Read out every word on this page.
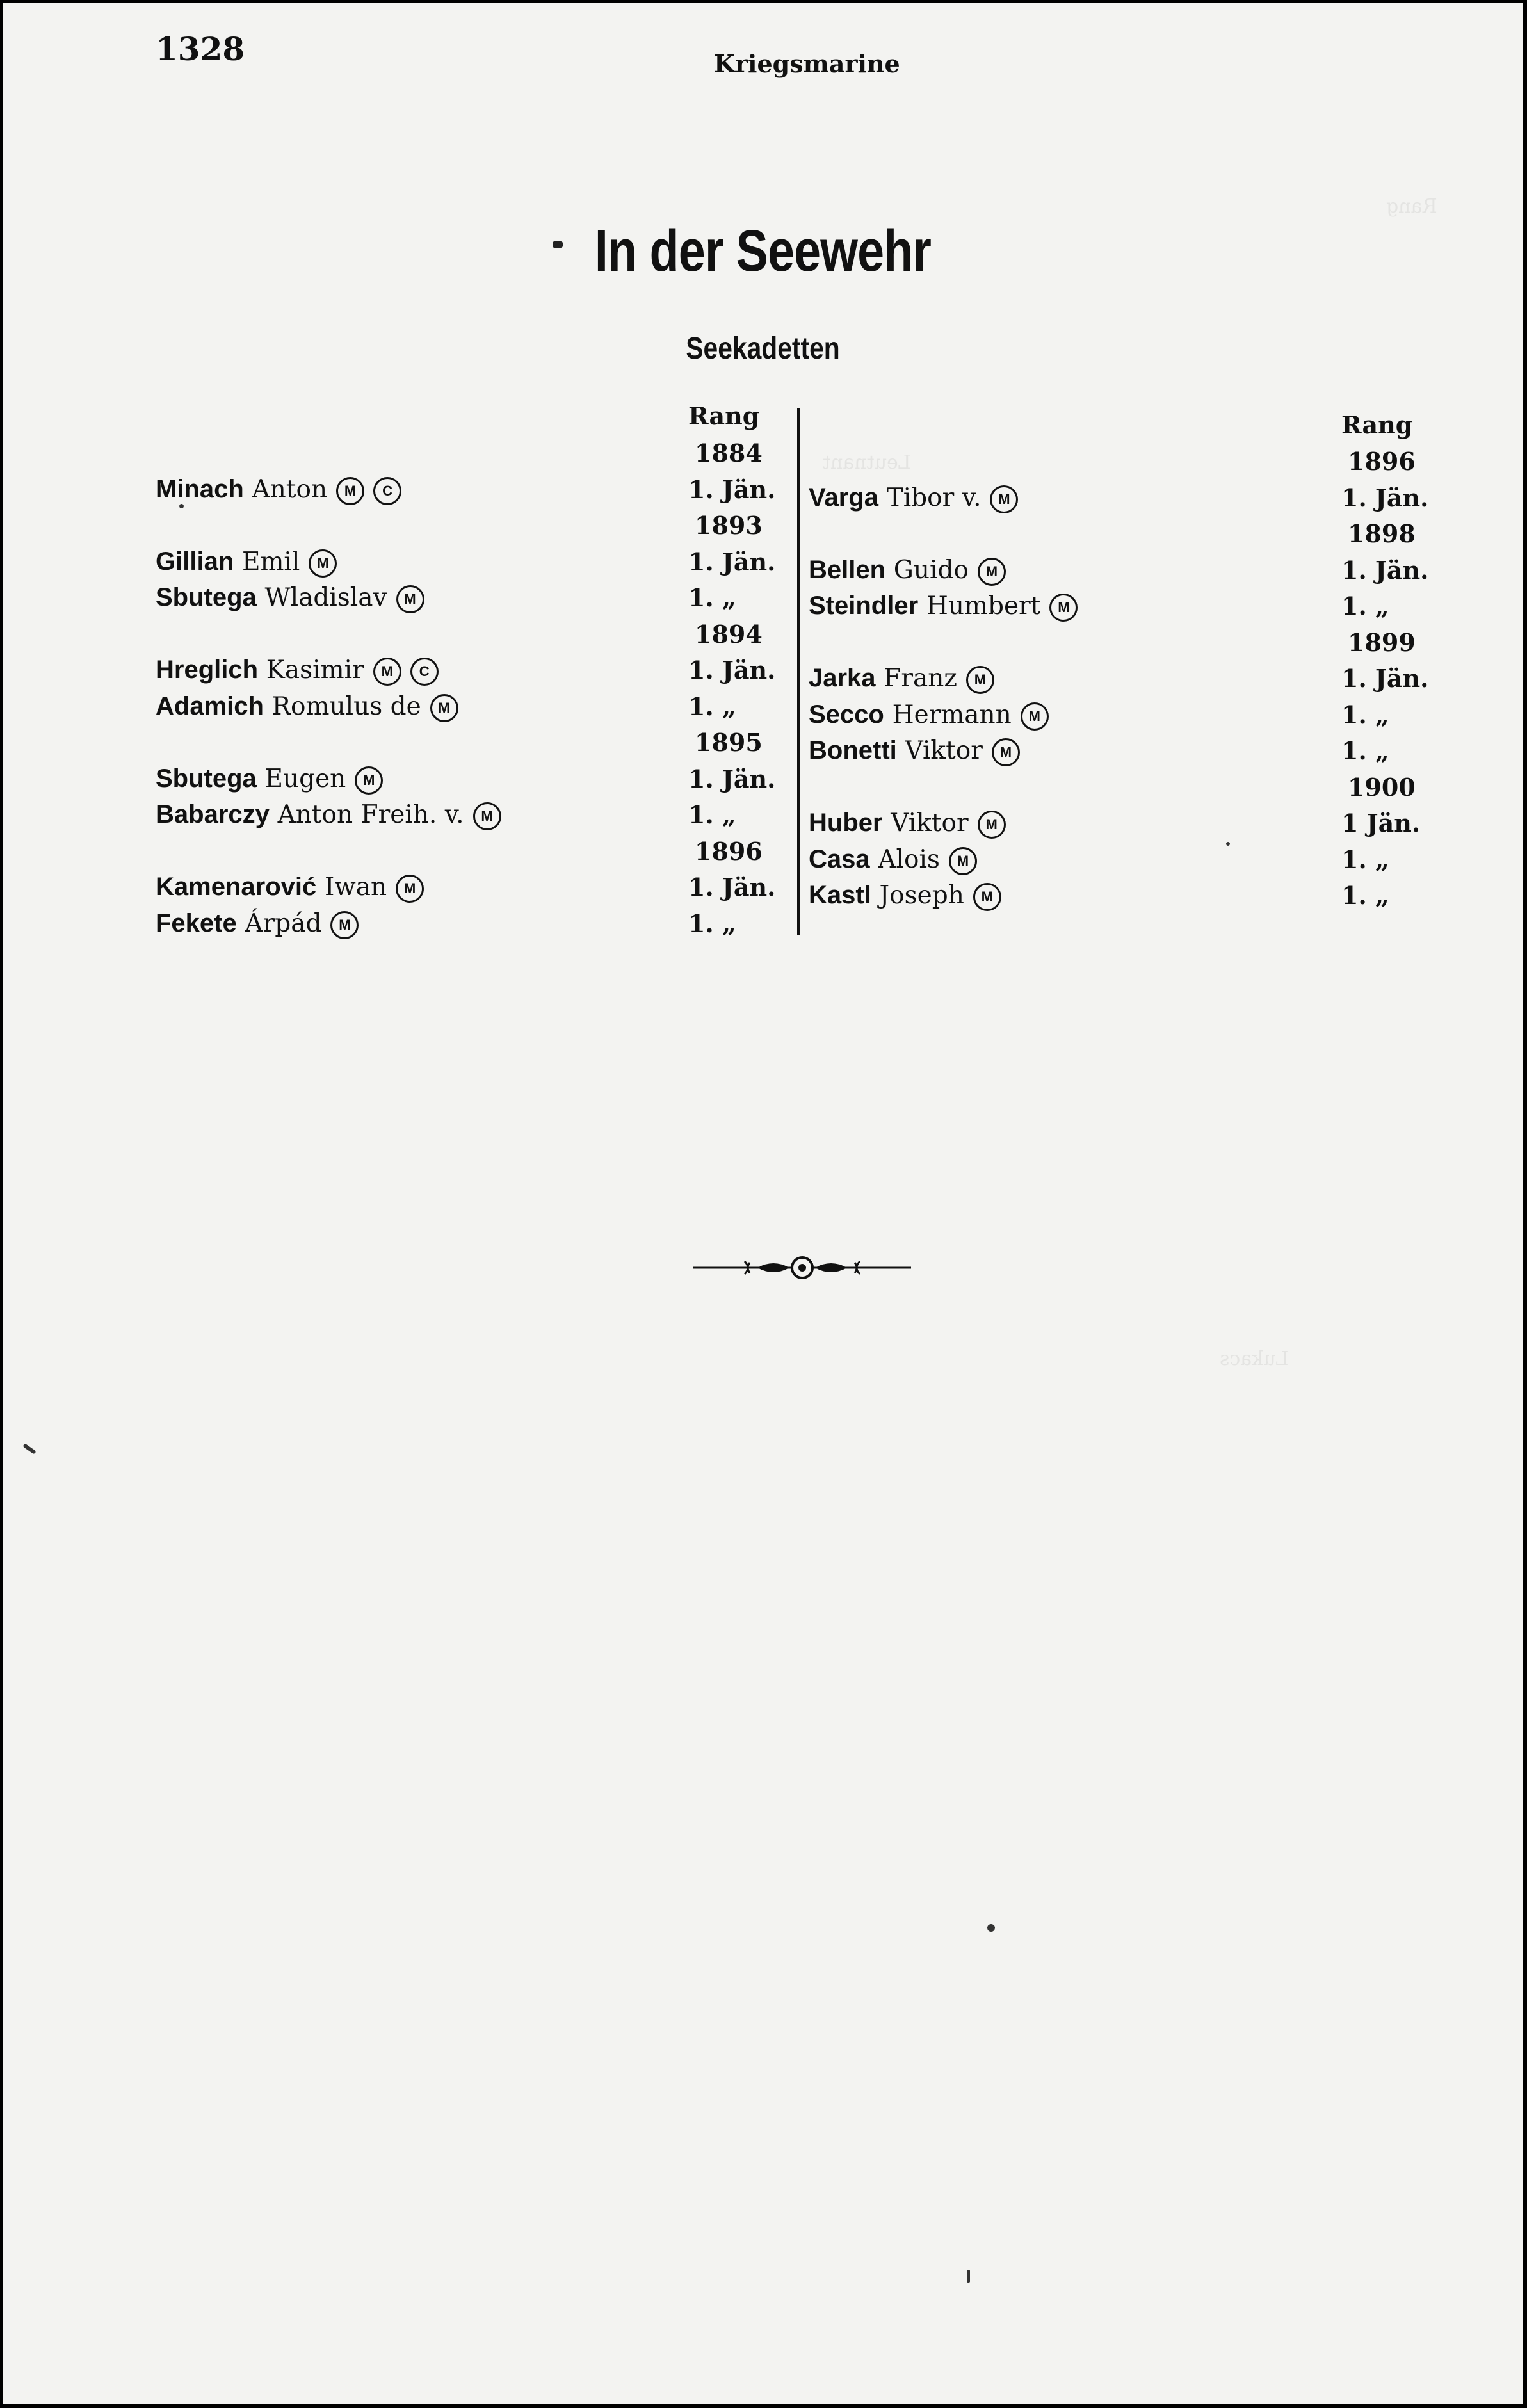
Rang
Leutnant
Lukacs
1328	Kriegsmarine
In der Seewehr
Seekadetten
Rang
1884
Minach Anton M C	1. Jän.
1893
Gillian Emil M	1. Jän.
Sbutega Wladislav M	1. „
1894
Hreglich Kasimir M C	1. Jän.
Adamich Romulus de M	1. „
1895
Sbutega Eugen M	1. Jän.
Babarczy Anton Freih. v. M	1. „
1896
Kamenarović Iwan M	1. Jän.
Fekete Árpád M	1. „
Rang
1896
Varga Tibor v. M	1. Jän.
1898
Bellen Guido M	1. Jän.
Steindler Humbert M	1. „
1899
Jarka Franz M	1. Jän.
Secco Hermann M	1. „
Bonetti Viktor M	1. „
1900
Huber Viktor M	1 Jän.
Casa Alois M	1. „
Kastl Joseph M	1. „
